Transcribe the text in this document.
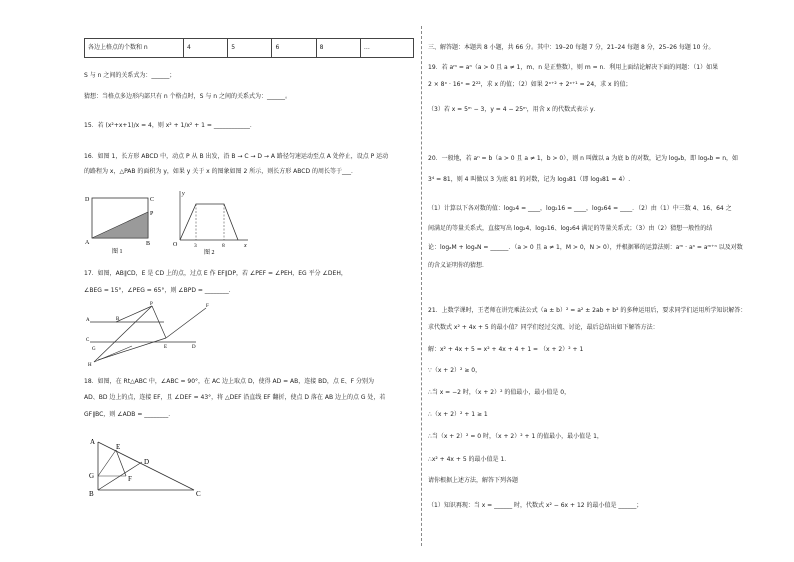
各边上格点的个数和 n	4	5	6	8	…
S 与 n 之间的关系式为：______；
猜想：当格点多边形内部只有 n 个格点时，S 与 n 之间的关系式为：______。
15．若 (x²+x+1)/x = 4，则 x² + 1/x² + 1 = ____________．
16．如图 1，长方形 ABCD 中，动点 P 从 B 出发，沿 B → C → D → A 路径匀速运动至点 A 处停止，设点 P 运动
的路程为 x，△PAB 的面积为 y，如果 y 关于 x 的图象如图 2 所示，则长方形 ABCD 的周长等于___．
D	C
P
A	B
图 1
y
O	3	8	x
图 2
17．如图，AB∥CD，E 是 CD 上的点，过点 E 作 EF∥DP，若 ∠PEF = ∠PEH，EG 平分 ∠DEH，
∠BEG = 15°，∠PEG = 65°，则 ∠BPD = ________．
A	B
C
D
E
F
G
H
P
18．如图，在 Rt△ABC 中，∠ABC = 90°，在 AC 边上取点 D，使得 AD = AB，连接 BD，点 E、F 分别为
AD、BD 边上的点，连接 EF，且 ∠DEF = 43°，将 △DEF 沿直线 EF 翻折，使点 D 落在 AB 边上的点 G 处，若
GF∥BC，则 ∠ADB = ________．
A
E
D
G	F
B	C
三、解答题：本题共 8 小题，共 66 分。其中：19–20 每题 7 分，21–24 每题 8 分，25–26 每题 10 分。
19．若 aᵐ = aⁿ（a > 0 且 a ≠ 1，m、n 是正整数），则 m = n．利用上面结论解决下面的问题：（1）如果
2 × 8ˣ · 16ˣ = 2²²，求 x 的值；（2）如果 2ˣ⁺² + 2ˣ⁺¹ = 24，求 x 的值；
（3）若 x = 5ᵐ − 3，y = 4 − 25ᵐ，用含 x 的代数式表示 y．
20．一般地，若 aⁿ = b（a > 0 且 a ≠ 1，b > 0），则 n 叫做以 a 为底 b 的对数，记为 logₐb，即 logₐb = n，如
3⁴ = 81，则 4 叫做以 3 为底 81 的对数，记为 log₃81（即 log₃81 = 4）.
（1）计算以下各对数的值：log₂4 = ____，log₂16 = ____，log₂64 = ____．（2）由（1）中三数 4、16、64 之
间满足的等量关系式，直接写出 log₂4、log₂16、log₂64 满足的等量关系式；（3）由（2）猜想一般性的结
论：logₐM + logₐN = ______．（a > 0 且 a ≠ 1，M > 0，N > 0），并根据幂的运算法则：aᵐ · aⁿ = aᵐ⁺ⁿ 以及对数
的含义证明你的猜想．
21．上数学课时，王老师在讲完乘法公式（a ± b）² = a² ± 2ab + b² 的多种运用后，要求同学们运用所学知识解答：
求代数式 x² + 4x + 5 的最小值？同学们经过交流、讨论，最后总结出如下解答方法：
解：x² + 4x + 5 = x² + 4x + 4 + 1 = （x + 2）² + 1
∵（x + 2）² ≥ 0，
∴当 x = −2 时，（x + 2）² 的值最小，最小值是 0，
∴（x + 2）² + 1 ≥ 1
∴当（x + 2）² = 0 时，（x + 2）² + 1 的值最小，最小值是 1，
∴x² + 4x + 5 的最小值是 1．
请你根据上述方法，解答下列各题
（1）知识再现：当 x = ______ 时，代数式 x² − 6x + 12 的最小值是 ______；
